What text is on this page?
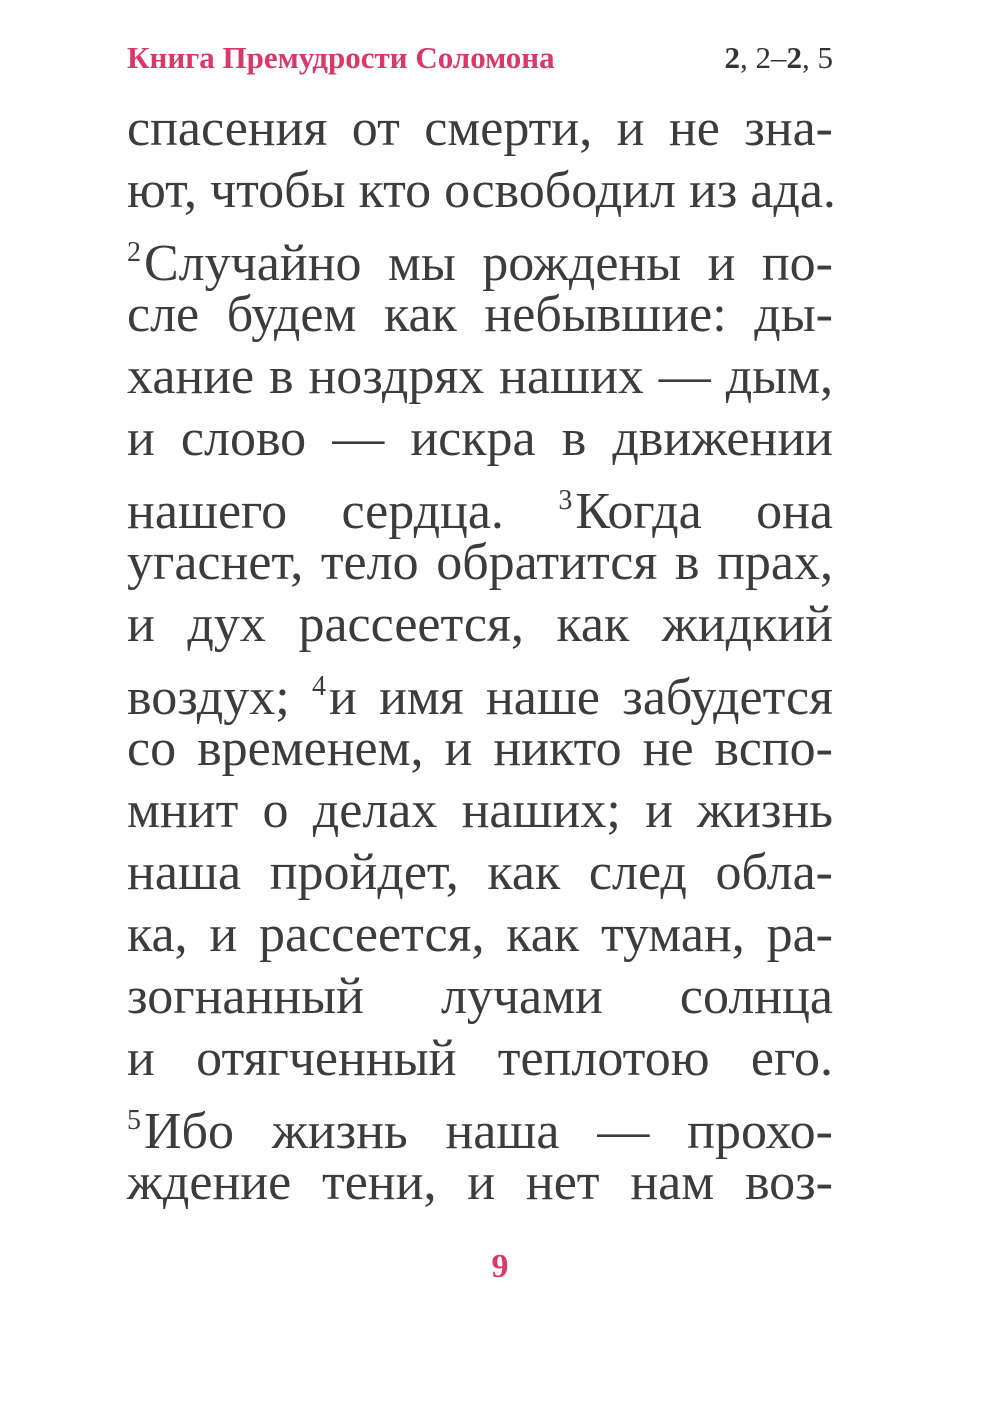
Книга Премудрости Соломона	2, 2–2, 5
спасения от смерти, и не зна-
ют, чтобы кто освободил из ада.
$^2$Случайно мы рождены и по-
сле будем как небывшие: ды-
хание в ноздрях наших — дым,
и слово — искра в движении
нашего сердца. $^3$Когда она
угаснет, тело обратится в прах,
и дух рассеется, как жидкий
воздух; $^4$и имя наше забудется
со временем, и никто не вспо-
мнит о делах наших; и жизнь
наша пройдет, как след обла-
ка, и рассеется, как туман, ра-
зогнанный лучами солнца
и отягченный теплотою его.
$^5$Ибо жизнь наша — прохо-
ждение тени, и нет нам воз-
9
